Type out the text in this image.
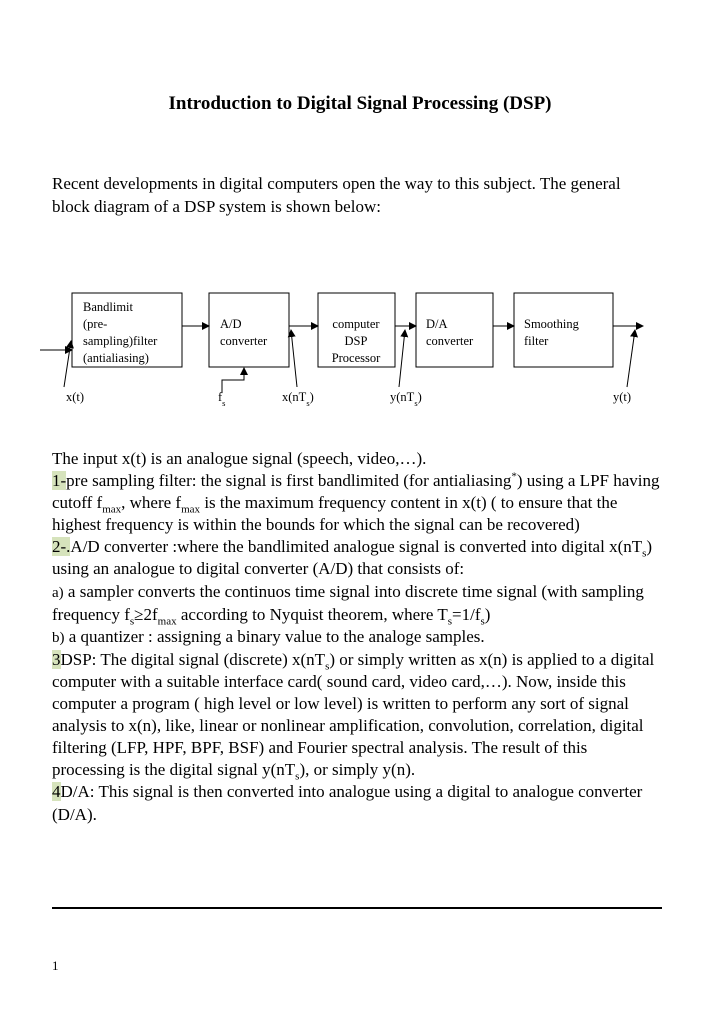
Introduction to Digital Signal Processing (DSP)
Recent developments in digital computers open the way to this subject. The general block diagram of a DSP system is shown below:
Bandlimit
(pre-
sampling)filter
(antialiasing)
A/D
converter
computer
DSP
Processor
D/A
converter
Smoothing
filter
x(t)	$f_s$	$x(nT_s)$	$y(nT_s)$	y(t)

The input x(t) is an analogue signal (speech, video,…).

1-pre sampling filter: the signal is first bandlimited (for antialiasing*) using a LPF having cutoff $f_{max}$, where $f_{max}$ is the maximum frequency content in x(t) ( to ensure that the highest frequency is within the bounds for which the signal can be recovered)

2-.A/D converter :where the bandlimited analogue signal is converted into digital $x(nT_s)$ using an analogue to digital converter (A/D) that consists of:

a) a sampler converts the continuos time signal into discrete time signal (with sampling frequency $f_s\ge 2f_{max}$ according to Nyquist theorem, where $T_s=1/f_s$)

b) a quantizer : assigning a binary value to the analoge samples.

3DSP: The digital signal (discrete) $x(nT_s)$ or simply written as x(n) is applied to a digital computer with a suitable interface card( sound card, video card,…). Now, inside this computer a program ( high level or low level) is written to perform any sort of signal analysis to x(n), like, linear or nonlinear amplification, convolution, correlation, digital filtering (LFP, HPF, BPF, BSF) and Fourier spectral analysis. The result of this processing is the digital signal $y(nT_s)$, or simply y(n).

4D/A: This signal is then converted into analogue using a digital to analogue converter (D/A).

1
